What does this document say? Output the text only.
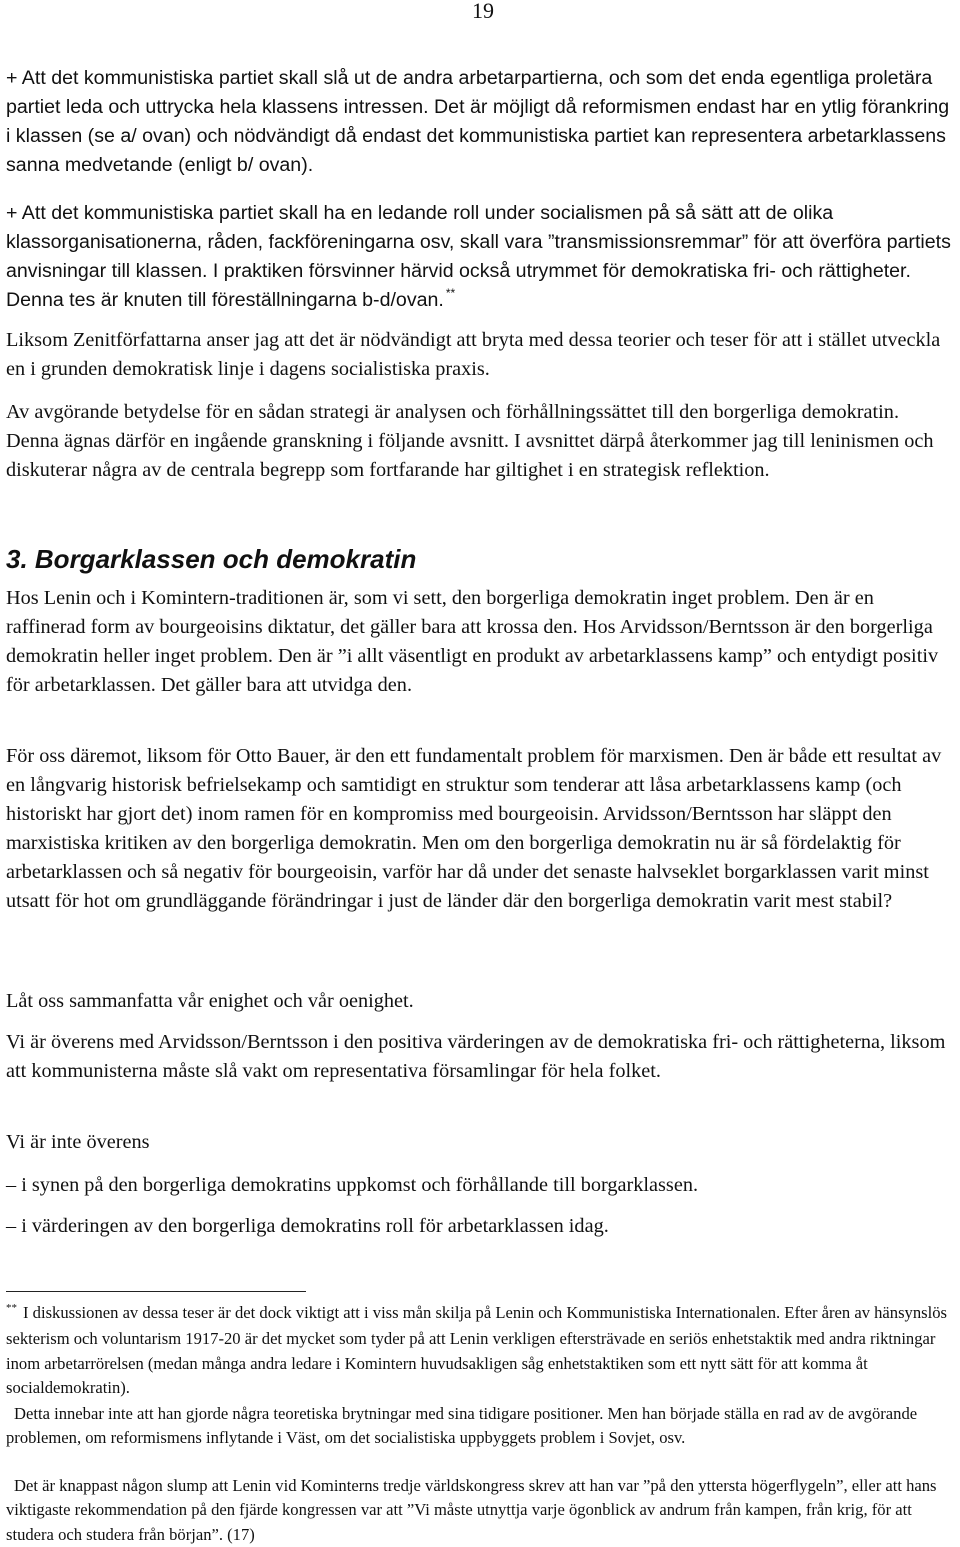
19

+ Att det kommunistiska partiet skall slå ut de andra arbetarpartierna, och som det enda egentliga proletära partiet leda och uttrycka hela klassens intressen. Det är möjligt då reformismen endast har en ytlig förankring i klassen (se a/ ovan) och nödvändigt då endast det kommunistiska partiet kan representera arbetarklassens sanna medvetande (enligt b/ ovan).

+ Att det kommunistiska partiet skall ha en ledande roll under socialismen på så sätt att de olika klassorganisationerna, råden, fackföreningarna osv, skall vara ”transmissionsremmar” för att överföra partiets anvisningar till klassen. I praktiken försvinner härvid också utrymmet för demokratiska fri- och rättigheter. Denna tes är knuten till föreställningarna b-d/ovan. **

Liksom Zenitförfattarna anser jag att det är nödvändigt att bryta med dessa teorier och teser för att i stället utveckla en i grunden demokratisk linje i dagens socialistiska praxis.

Av avgörande betydelse för en sådan strategi är analysen och förhållningssättet till den borgerliga demokratin. Denna ägnas därför en ingående granskning i följande avsnitt. I avsnittet därpå återkommer jag till leninismen och diskuterar några av de centrala begrepp som fortfarande har giltighet i en strategisk reflektion.

3. Borgarklassen och demokratin

Hos Lenin och i Komintern-traditionen är, som vi sett, den borgerliga demokratin inget problem. Den är en raffinerad form av bourgeoisins diktatur, det gäller bara att krossa den. Hos Arvidsson/Berntsson är den borgerliga demokratin heller inget problem. Den är ”i allt väsentligt en produkt av arbetarklassens kamp” och entydigt positiv för arbetarklassen. Det gäller bara att utvidga den.

För oss däremot, liksom för Otto Bauer, är den ett fundamentalt problem för marxismen. Den är både ett resultat av en långvarig historisk befrielsekamp och samtidigt en struktur som tenderar att låsa arbetarklassens kamp (och historiskt har gjort det) inom ramen för en kompromiss med bourgeoisin. Arvidsson/Berntsson har släppt den marxistiska kritiken av den borgerliga demokratin. Men om den borgerliga demokratin nu är så fördelaktig för arbetarklassen och så negativ för bourgeoisin, varför har då under det senaste halvseklet borgarklassen varit minst utsatt för hot om grundläggande förändringar i just de länder där den borgerliga demokratin varit mest stabil?

Låt oss sammanfatta vår enighet och vår oenighet.

Vi är överens med Arvidsson/Berntsson i den positiva värderingen av de demokratiska fri- och rättigheterna, liksom att kommunisterna måste slå vakt om representativa församlingar för hela folket.

Vi är inte överens

– i synen på den borgerliga demokratins uppkomst och förhållande till borgarklassen.

– i värderingen av den borgerliga demokratins roll för arbetarklassen idag.

** I diskussionen av dessa teser är det dock viktigt att i viss mån skilja på Lenin och Kommunistiska Internationalen. Efter åren av hänsynslös sekterism och voluntarism 1917-20 är det mycket som tyder på att Lenin verkligen eftersträvade en seriös enhetstaktik med andra riktningar inom arbetarrörelsen (medan många andra ledare i Komintern huvudsakligen såg enhetstaktiken som ett nytt sätt för att komma åt socialdemokratin).

Detta innebar inte att han gjorde några teoretiska brytningar med sina tidigare positioner. Men han började ställa en rad av de avgörande problemen, om reformismens inflytande i Väst, om det socialistiska uppbyggets problem i Sovjet, osv.

Det är knappast någon slump att Lenin vid Kominterns tredje världskongress skrev att han var ”på den yttersta högerflygeln”, eller att hans viktigaste rekommendation på den fjärde kongressen var att ”Vi måste utnyttja varje ögonblick av andrum från kampen, från krig, för att studera och studera från början”. (17)
